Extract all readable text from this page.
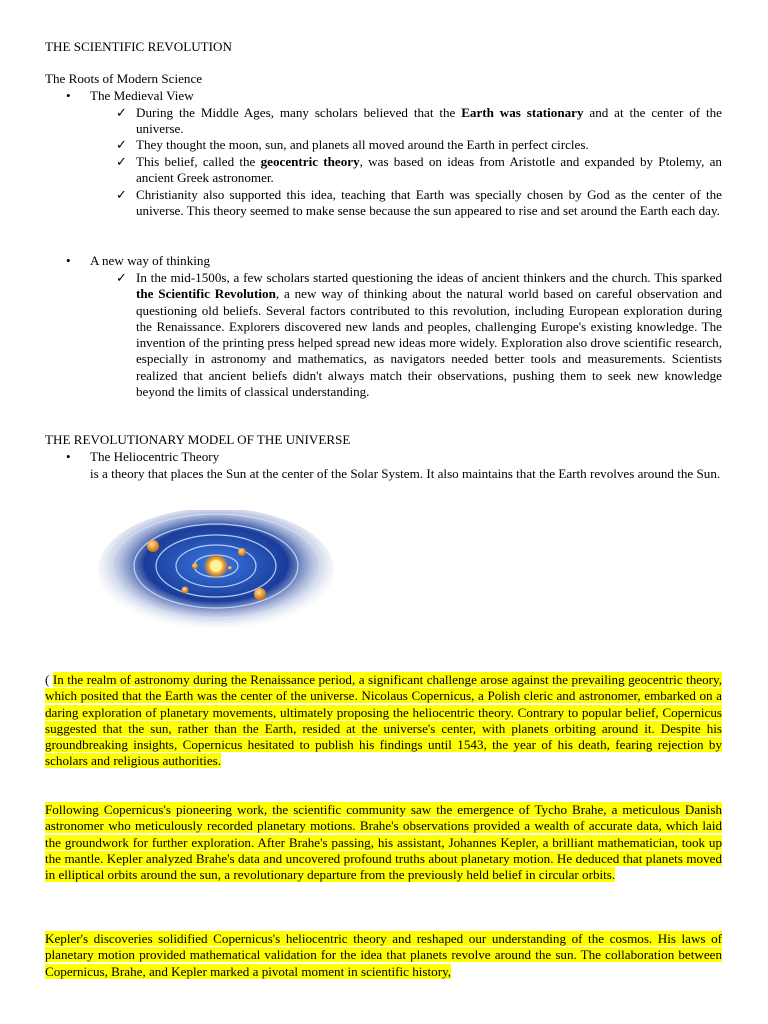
THE SCIENTIFIC REVOLUTION
The Roots of Modern Science
• The Medieval View
✓ During the Middle Ages, many scholars believed that the Earth was stationary and at the center of the universe.
✓ They thought the moon, sun, and planets all moved around the Earth in perfect circles.
✓ This belief, called the geocentric theory, was based on ideas from Aristotle and expanded by Ptolemy, an ancient Greek astronomer.
✓ Christianity also supported this idea, teaching that Earth was specially chosen by God as the center of the universe. This theory seemed to make sense because the sun appeared to rise and set around the Earth each day.
• A new way of thinking
✓ In the mid-1500s, a few scholars started questioning the ideas of ancient thinkers and the church. This sparked the Scientific Revolution, a new way of thinking about the natural world based on careful observation and questioning old beliefs. Several factors contributed to this revolution, including European exploration during the Renaissance. Explorers discovered new lands and peoples, challenging Europe's existing knowledge. The invention of the printing press helped spread new ideas more widely. Exploration also drove scientific research, especially in astronomy and mathematics, as navigators needed better tools and measurements. Scientists realized that ancient beliefs didn't always match their observations, pushing them to seek new knowledge beyond the limits of classical understanding.
THE REVOLUTIONARY MODEL OF THE UNIVERSE
• The Heliocentric Theory
is a theory that places the Sun at the center of the Solar System. It also maintains that the Earth revolves around the Sun.
( In the realm of astronomy during the Renaissance period, a significant challenge arose against the prevailing geocentric theory, which posited that the Earth was the center of the universe. Nicolaus Copernicus, a Polish cleric and astronomer, embarked on a daring exploration of planetary movements, ultimately proposing the heliocentric theory. Contrary to popular belief, Copernicus suggested that the sun, rather than the Earth, resided at the universe's center, with planets orbiting around it. Despite his groundbreaking insights, Copernicus hesitated to publish his findings until 1543, the year of his death, fearing rejection by scholars and religious authorities.
Following Copernicus's pioneering work, the scientific community saw the emergence of Tycho Brahe, a meticulous Danish astronomer who meticulously recorded planetary motions. Brahe's observations provided a wealth of accurate data, which laid the groundwork for further exploration. After Brahe's passing, his assistant, Johannes Kepler, a brilliant mathematician, took up the mantle. Kepler analyzed Brahe's data and uncovered profound truths about planetary motion. He deduced that planets moved in elliptical orbits around the sun, a revolutionary departure from the previously held belief in circular orbits.
Kepler's discoveries solidified Copernicus's heliocentric theory and reshaped our understanding of the cosmos. His laws of planetary motion provided mathematical validation for the idea that planets revolve around the sun. The collaboration between Copernicus, Brahe, and Kepler marked a pivotal moment in scientific history,
